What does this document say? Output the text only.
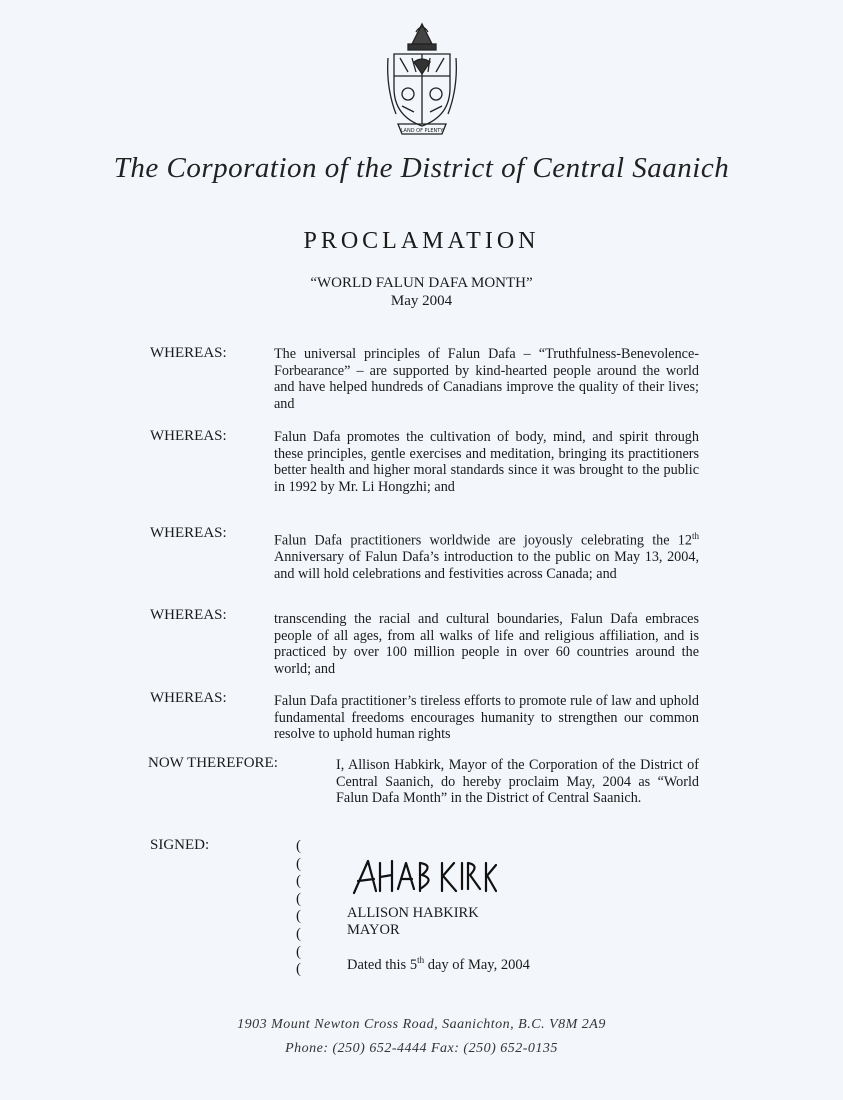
LAND OF PLENTY
The Corporation of the District of Central Saanich
PROCLAMATION
“WORLD FALUN DAFA MONTH”
May 2004
WHEREAS:	The universal principles of Falun Dafa – “Truthfulness-Benevolence-Forbearance” – are supported by kind-hearted people around the world and have helped hundreds of Canadians improve the quality of their lives; and
WHEREAS:	Falun Dafa promotes the cultivation of body, mind, and spirit through these principles, gentle exercises and meditation, bringing its practitioners better health and higher moral standards since it was brought to the public in 1992 by Mr. Li Hongzhi; and
WHEREAS:	Falun Dafa practitioners worldwide are joyously celebrating the 12th Anniversary of Falun Dafa’s introduction to the public on May 13, 2004, and will hold celebrations and festivities across Canada; and
WHEREAS:	transcending the racial and cultural boundaries, Falun Dafa embraces people of all ages, from all walks of life and religious affiliation, and is practiced by over 100 million people in over 60 countries around the world; and
WHEREAS:	Falun Dafa practitioner’s tireless efforts to promote rule of law and uphold fundamental freedoms encourages humanity to strengthen our common resolve to uphold human rights
NOW THEREFORE:	I, Allison Habkirk, Mayor of the Corporation of the District of Central Saanich, do hereby proclaim May, 2004 as “World Falun Dafa Month” in the District of Central Saanich.
SIGNED:	(
(
(
(
(
(
(
(
ALLISON HABKIRK
MAYOR
Dated this 5th day of May, 2004
1903 Mount Newton Cross Road, Saanichton, B.C. V8M 2A9
Phone: (250) 652-4444 Fax: (250) 652-0135
